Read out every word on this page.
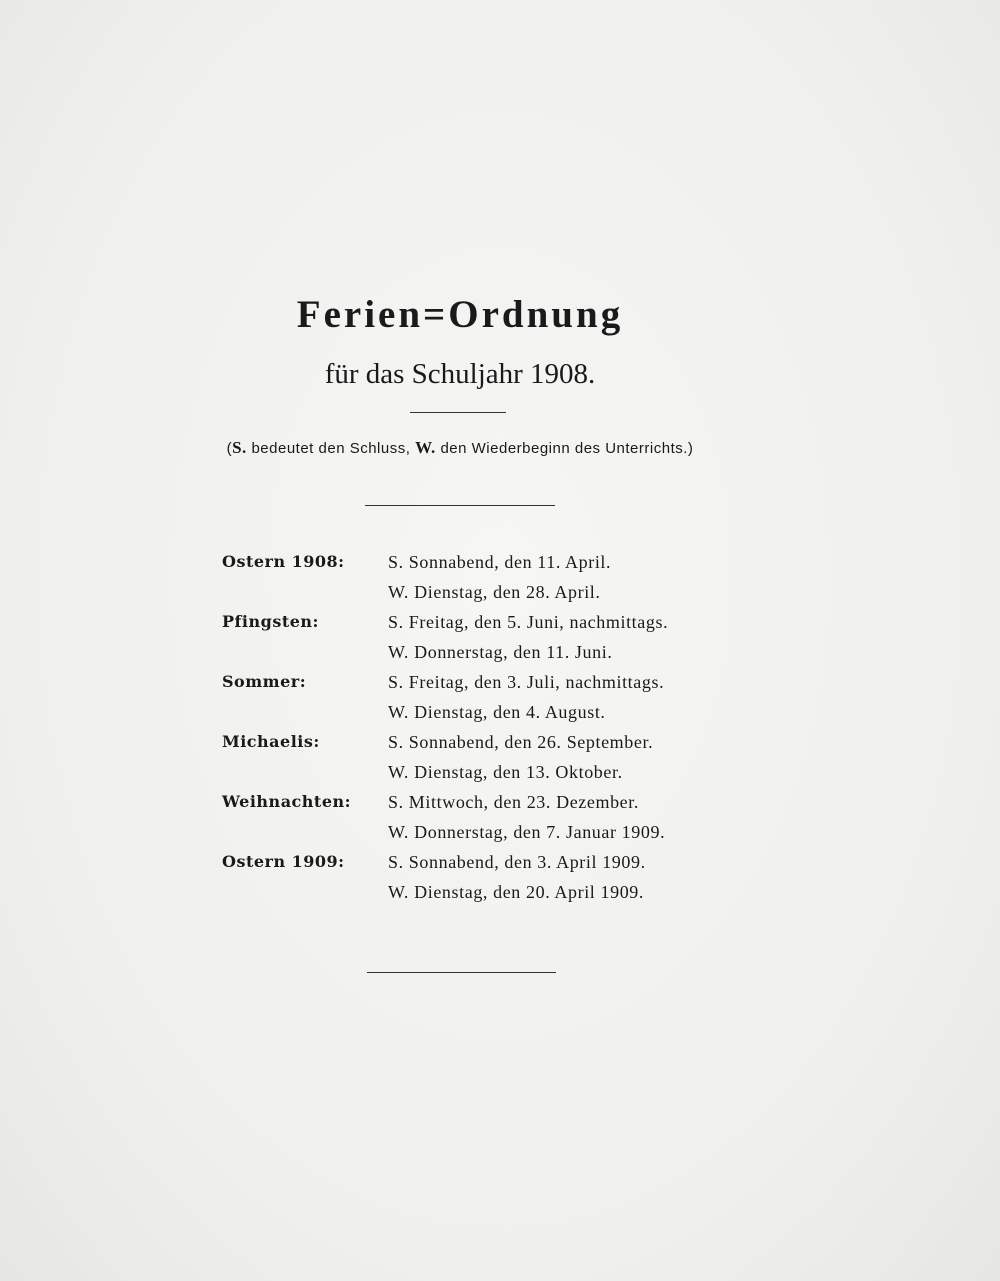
Ferien=Ordnung
für das Schuljahr 1908.
(S. bedeutet den Schluss, W. den Wiederbeginn des Unterrichts.)
Ostern 1908: S. Sonnabend, den 11. April.
W. Dienstag, den 28. April.
Pfingsten:	S. Freitag, den 5. Juni, nachmittags.
W. Donnerstag, den 11. Juni.
Sommer:	S. Freitag, den 3. Juli, nachmittags.
W. Dienstag, den 4. August.
Michaelis:	S. Sonnabend, den 26. September.
W. Dienstag, den 13. Oktober.
Weihnachten: S. Mittwoch, den 23. Dezember.
W. Donnerstag, den 7. Januar 1909.
Ostern 1909: S. Sonnabend, den 3. April 1909.
W. Dienstag, den 20. April 1909.
